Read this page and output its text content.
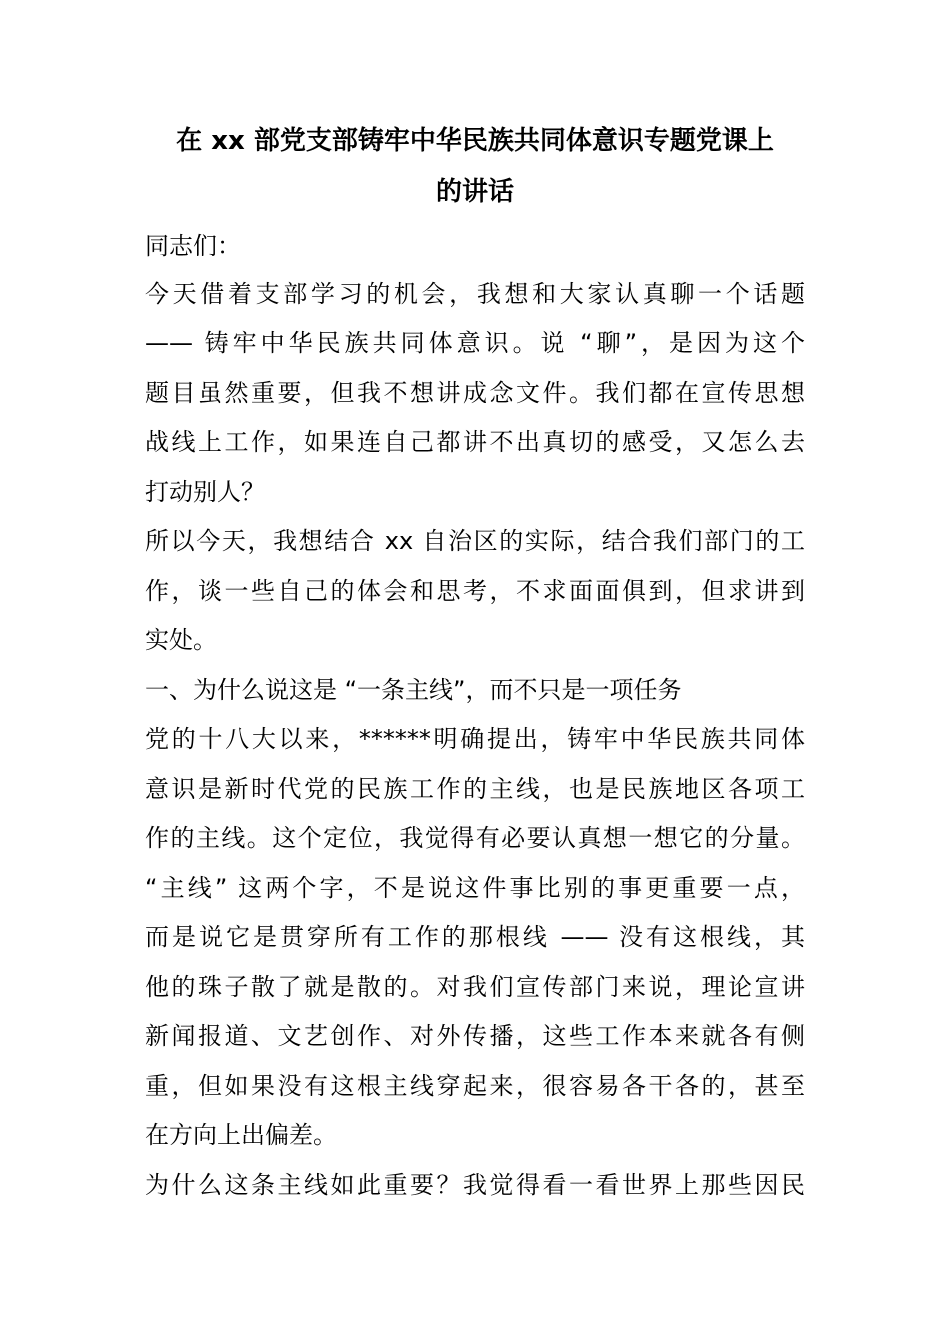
在 xx 部党支部铸牢中华民族共同体意识专题党课上
的讲话

同志们：

今天借着支部学习的机会，我想和大家认真聊一个话题

—— 铸牢中华民族共同体意识。说 “聊”，是因为这个

题目虽然重要，但我不想讲成念文件。我们都在宣传思想

战线上工作，如果连自己都讲不出真切的感受，又怎么去

打动别人？

所以今天，我想结合 xx 自治区的实际，结合我们部门的工

作，谈一些自己的体会和思考，不求面面俱到，但求讲到

实处。

一、为什么说这是 “一条主线”，而不只是一项任务

党的十八大以来，******明确提出，铸牢中华民族共同体

意识是新时代党的民族工作的主线，也是民族地区各项工

作的主线。这个定位，我觉得有必要认真想一想它的分量。

“主线” 这两个字，不是说这件事比别的事更重要一点，

而是说它是贯穿所有工作的那根线 —— 没有这根线，其

他的珠子散了就是散的。对我们宣传部门来说，理论宣讲

新闻报道、文艺创作、对外传播，这些工作本来就各有侧

重，但如果没有这根主线穿起来，很容易各干各的，甚至

在方向上出偏差。

为什么这条主线如此重要？我觉得看一看世界上那些因民
